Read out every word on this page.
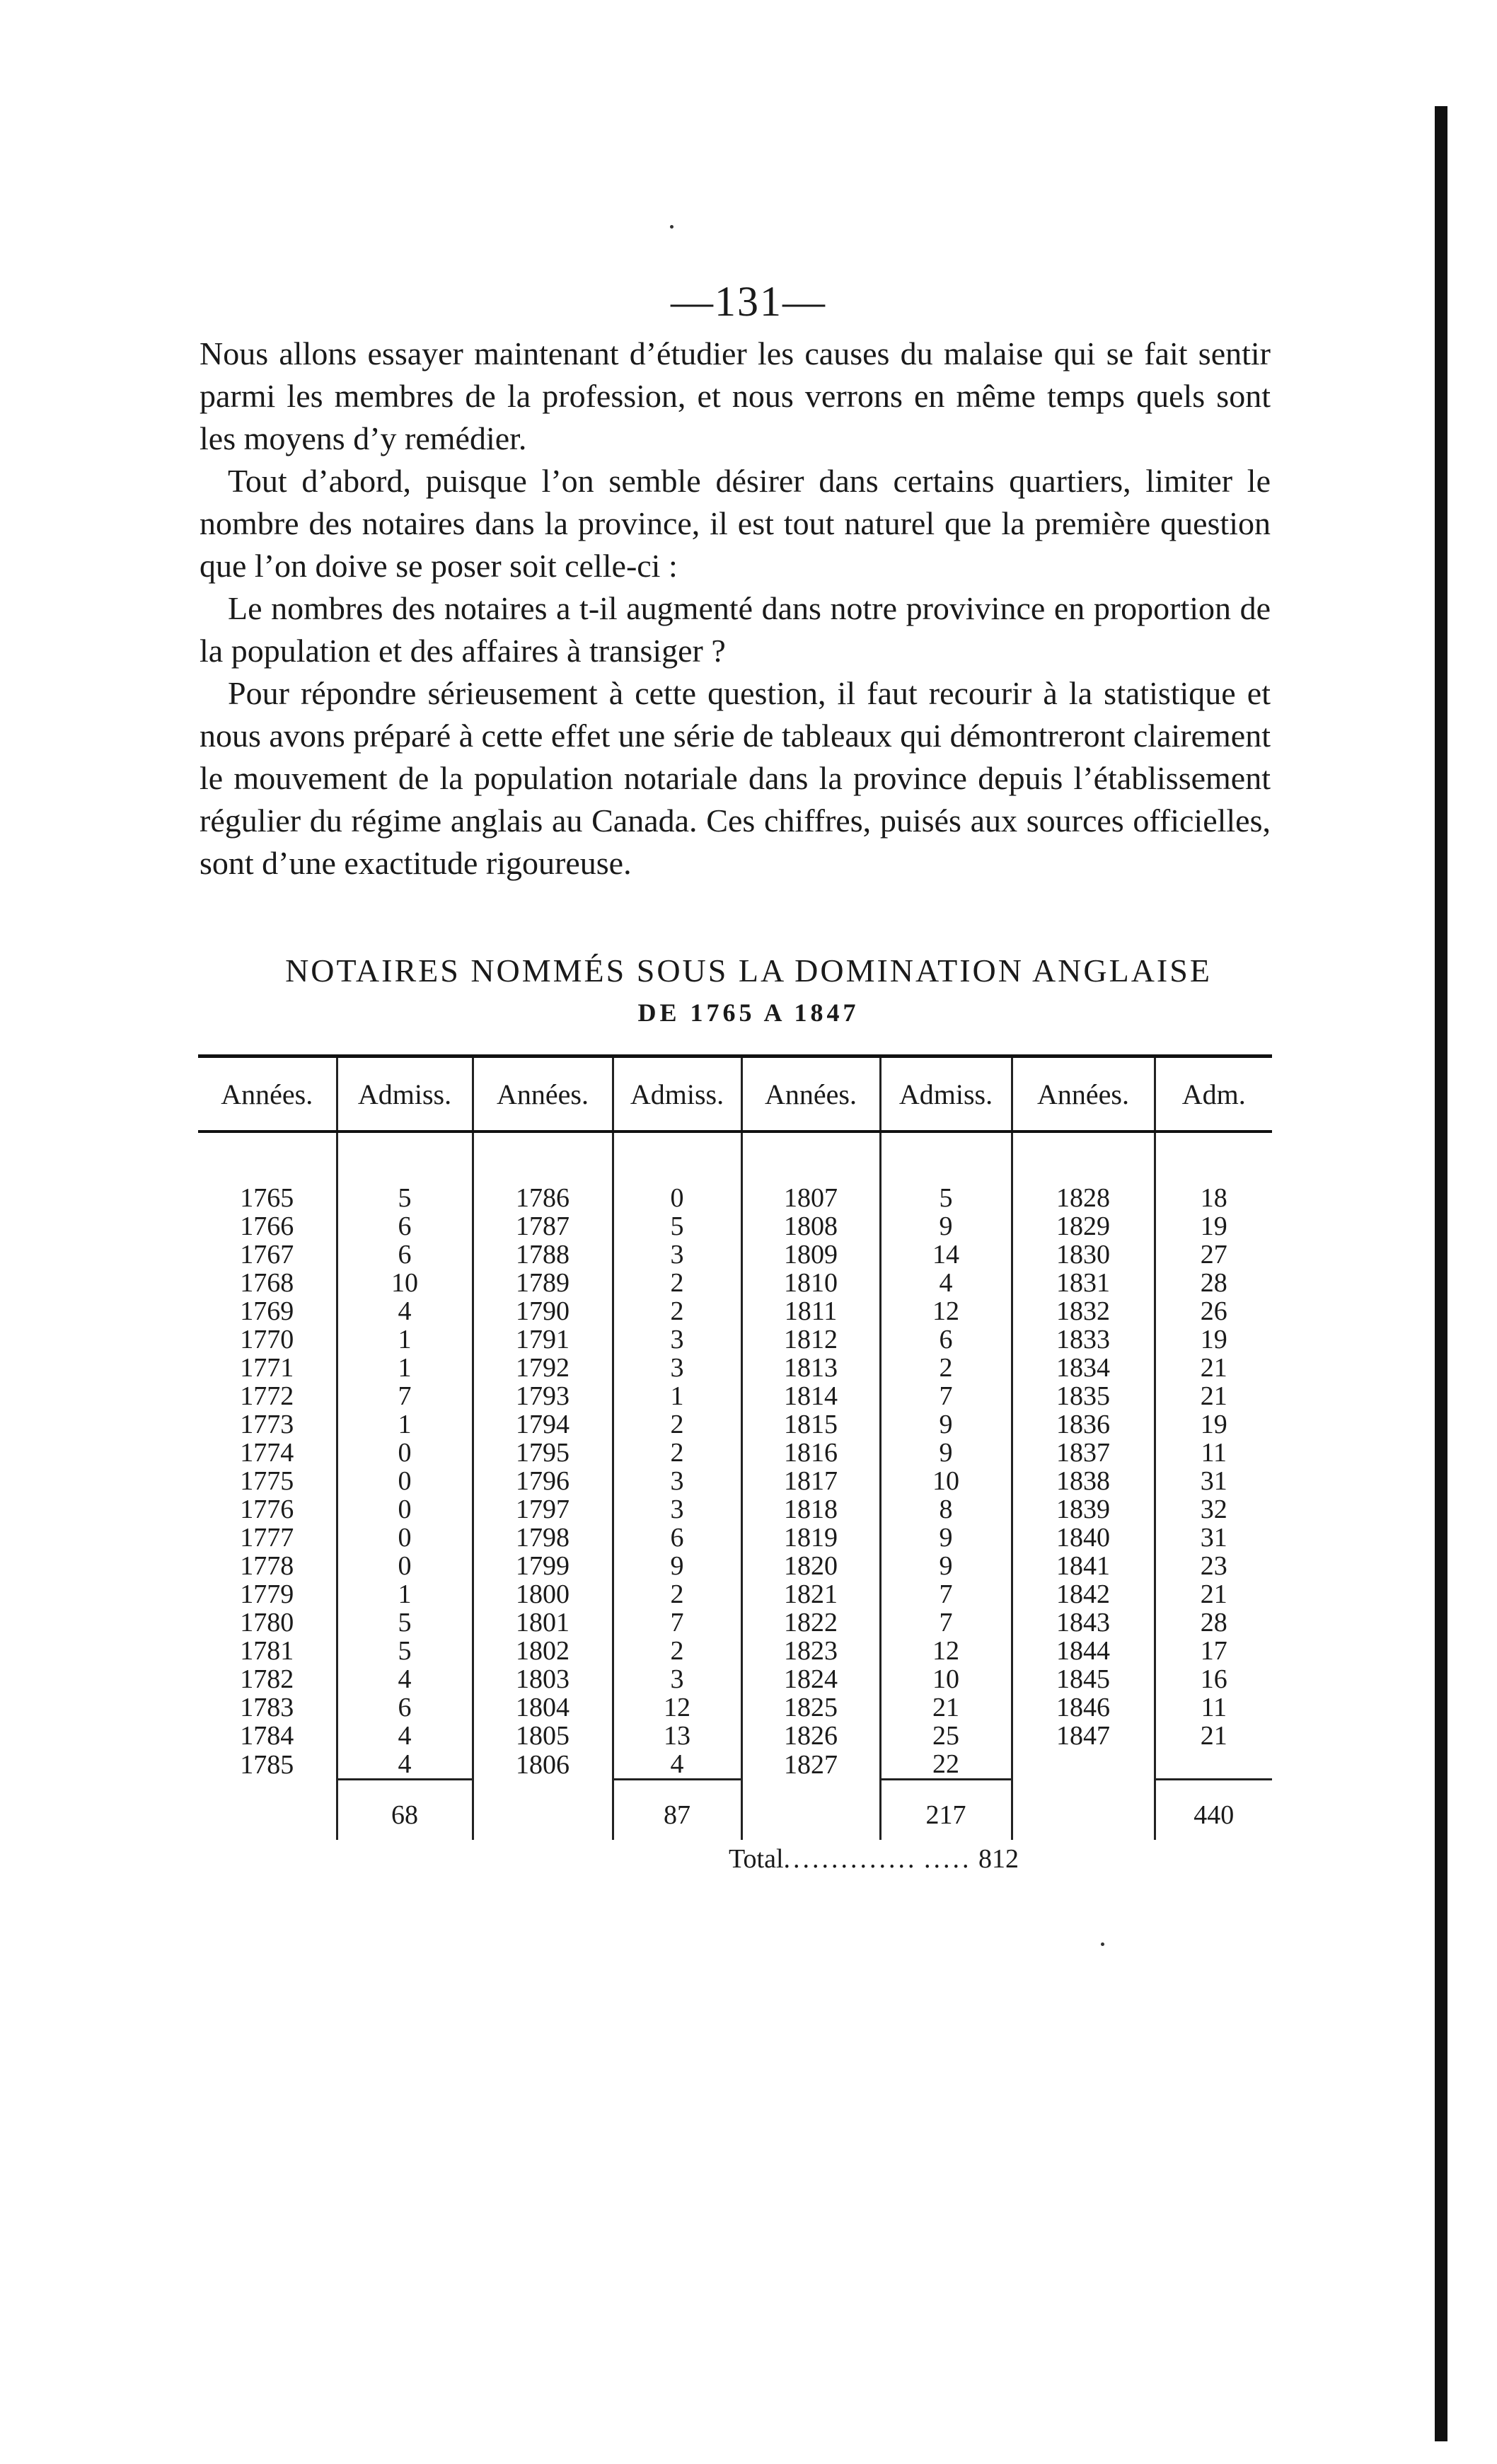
—131—

Nous allons essayer maintenant d’étudier les causes du malaise qui se fait sentir parmi les membres de la profession, et nous verrons en même temps quels sont les moyens d’y remédier.

Tout d’abord, puisque l’on semble désirer dans certains quartiers, limiter le nombre des notaires dans la province, il est tout naturel que la première question que l’on doive se poser soit celle-ci :

Le nombres des notaires a t-il augmenté dans notre provivince en proportion de la population et des affaires à transiger ?

Pour répondre sérieusement à cette question, il faut recourir à la statistique et nous avons préparé à cette effet une série de tableaux qui démontreront clairement le mouvement de la population notariale dans la province depuis l’établissement régulier du régime anglais au Canada. Ces chiffres, puisés aux sources officielles, sont d’une exactitude rigoureuse.

NOTAIRES NOMMÉS SOUS LA DOMINATION ANGLAISE
DE 1765 A 1847
Années.	Admiss.	Années.	Admiss.	Années.	Admiss.	Années.	Adm.

1765	5	1786	0	1807	5	1828	18
1766	6	1787	5	1808	9	1829	19
1767	6	1788	3	1809	14	1830	27
1768	10	1789	2	1810	4	1831	28
1769	4	1790	2	1811	12	1832	26
1770	1	1791	3	1812	6	1833	19
1771	1	1792	3	1813	2	1834	21
1772	7	1793	1	1814	7	1835	21
1773	1	1794	2	1815	9	1836	19
1774	0	1795	2	1816	9	1837	11
1775	0	1796	3	1817	10	1838	31
1776	0	1797	3	1818	8	1839	32
1777	0	1798	6	1819	9	1840	31
1778	0	1799	9	1820	9	1841	23
1779	1	1800	2	1821	7	1842	21
1780	5	1801	7	1822	7	1843	28
1781	5	1802	2	1823	12	1844	17
1782	4	1803	3	1824	10	1845	16
1783	6	1804	12	1825	21	1846	11
1784	4	1805	13	1826	25	1847	21
1785	4	1806	4	1827	22		
	68		87		217		440
Total.............. ..... 812
